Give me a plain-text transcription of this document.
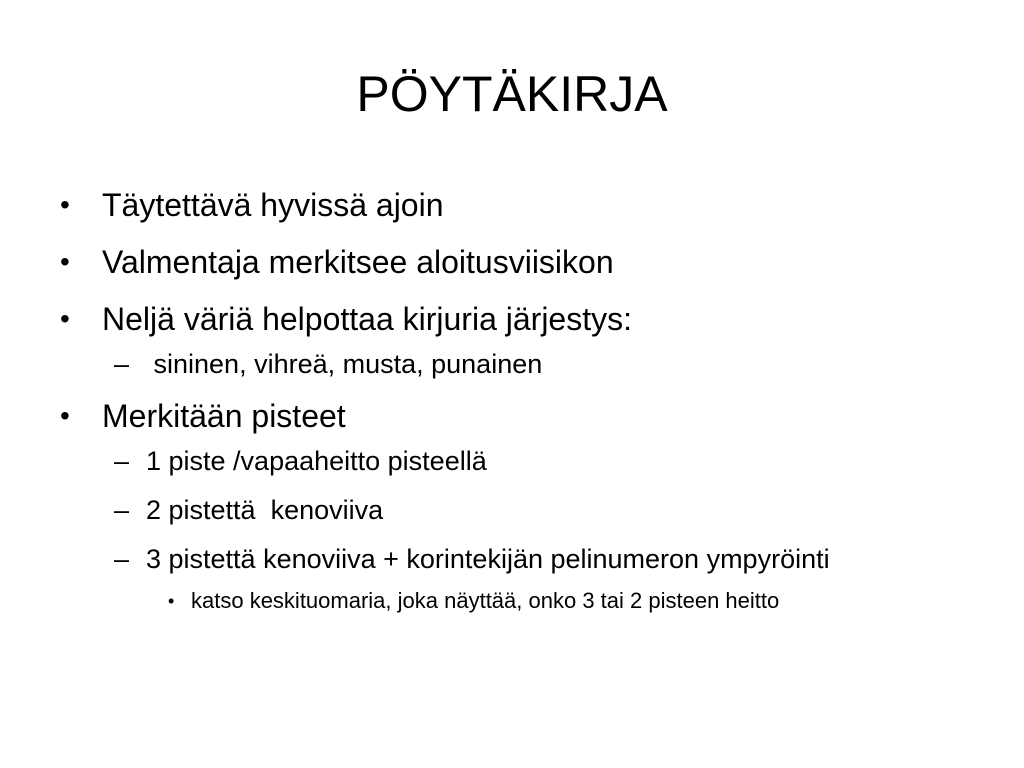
PÖYTÄKIRJA
• Täytettävä hyvissä ajoin
• Valmentaja merkitsee aloitusviisikon
• Neljä väriä helpottaa kirjuria järjestys:
– sininen, vihreä, musta, punainen
• Merkitään pisteet
– 1 piste /vapaaheitto pisteellä
– 2 pistettä  kenoviiva
– 3 pistettä kenoviiva + korintekijän pelinumeron ympyröinti
• katso keskituomaria, joka näyttää, onko 3 tai 2 pisteen heitto
